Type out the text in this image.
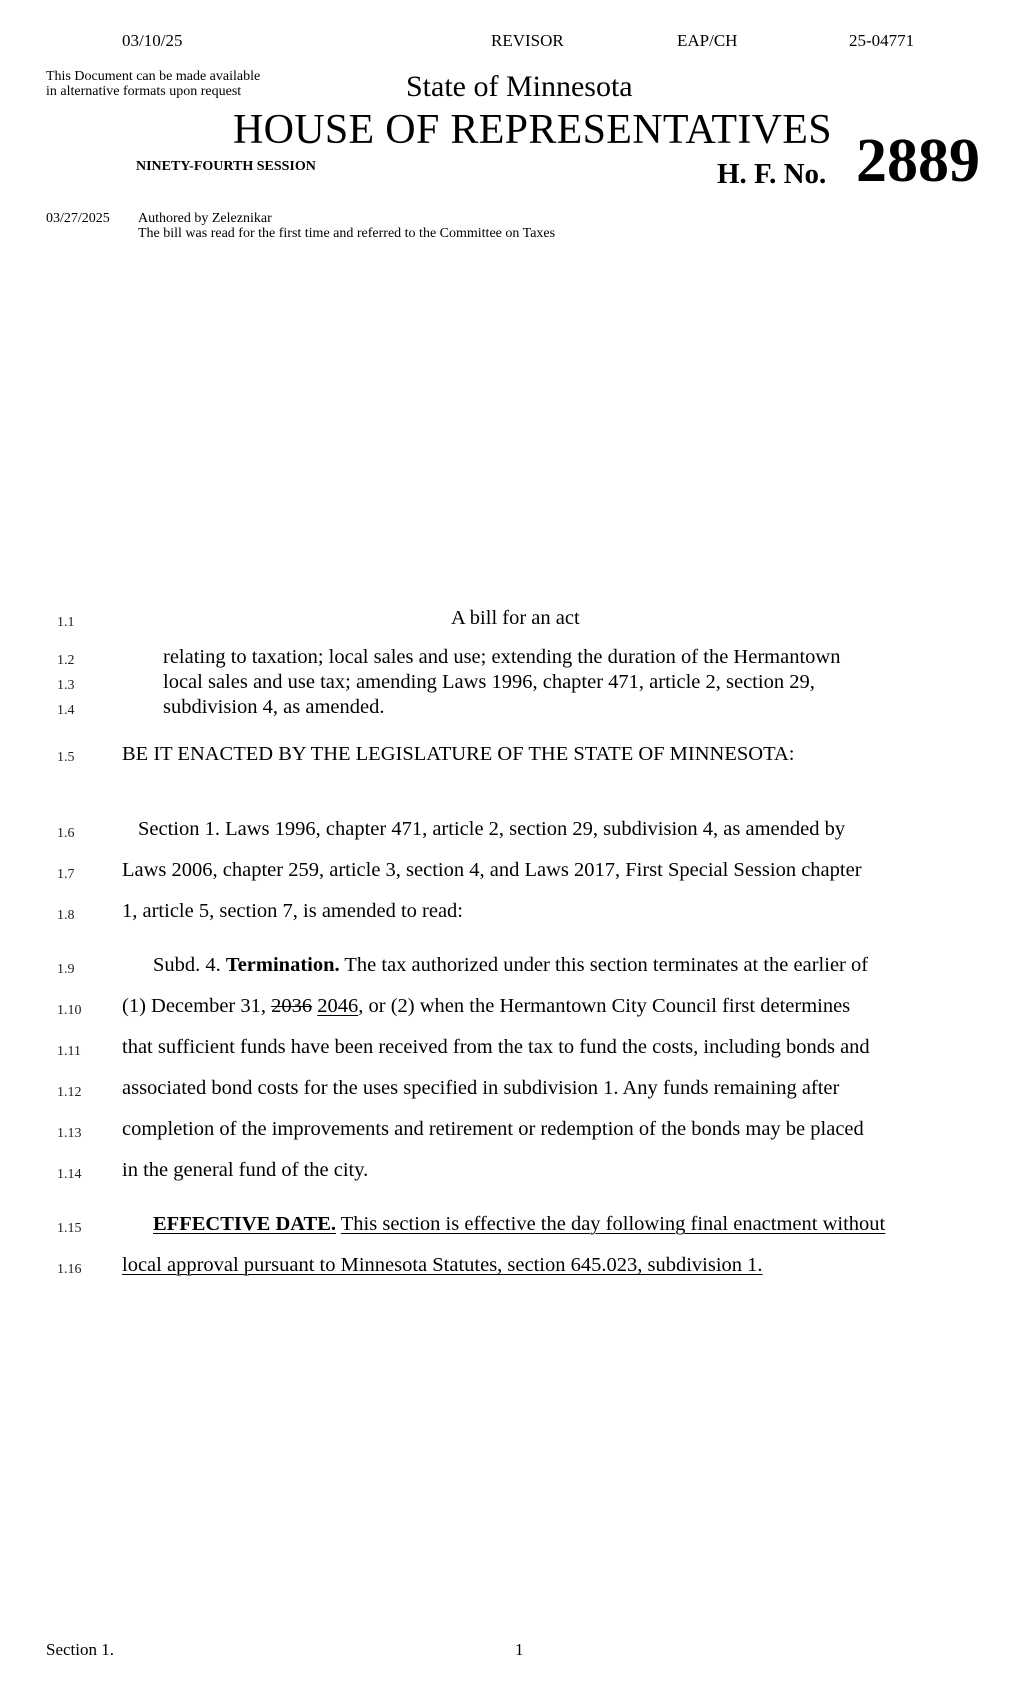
03/10/25	REVISOR	EAP/CH	25-04771
This Document can be made available
in alternative formats upon request	State of Minnesota
HOUSE OF REPRESENTATIVES
NINETY-FOURTH SESSION	H. F. No. 2889
03/27/2025 Authored by Zeleznikar
The bill was read for the first time and referred to the Committee on Taxes
1.1
1.2
1.3
1.4
1.5
1.6
1.7
1.8
1.9
1.10
1.11
1.12
1.13
1.14
1.15
1.16
A bill for an act
relating to taxation; local sales and use; extending the duration of the Hermantown
local sales and use tax; amending Laws 1996, chapter 471, article 2, section 29,
subdivision 4, as amended.
BE IT ENACTED BY THE LEGISLATURE OF THE STATE OF MINNESOTA:
Section 1. Laws 1996, chapter 471, article 2, section 29, subdivision 4, as amended by
Laws 2006, chapter 259, article 3, section 4, and Laws 2017, First Special Session chapter
1, article 5, section 7, is amended to read:
Subd. 4. Termination. The tax authorized under this section terminates at the earlier of
(1) December 31, 2036 2046, or (2) when the Hermantown City Council first determines
that sufficient funds have been received from the tax to fund the costs, including bonds and
associated bond costs for the uses specified in subdivision 1. Any funds remaining after
completion of the improvements and retirement or redemption of the bonds may be placed
in the general fund of the city.
EFFECTIVE DATE. This section is effective the day following final enactment without
local approval pursuant to Minnesota Statutes, section 645.023, subdivision 1.
Section 1.	1
